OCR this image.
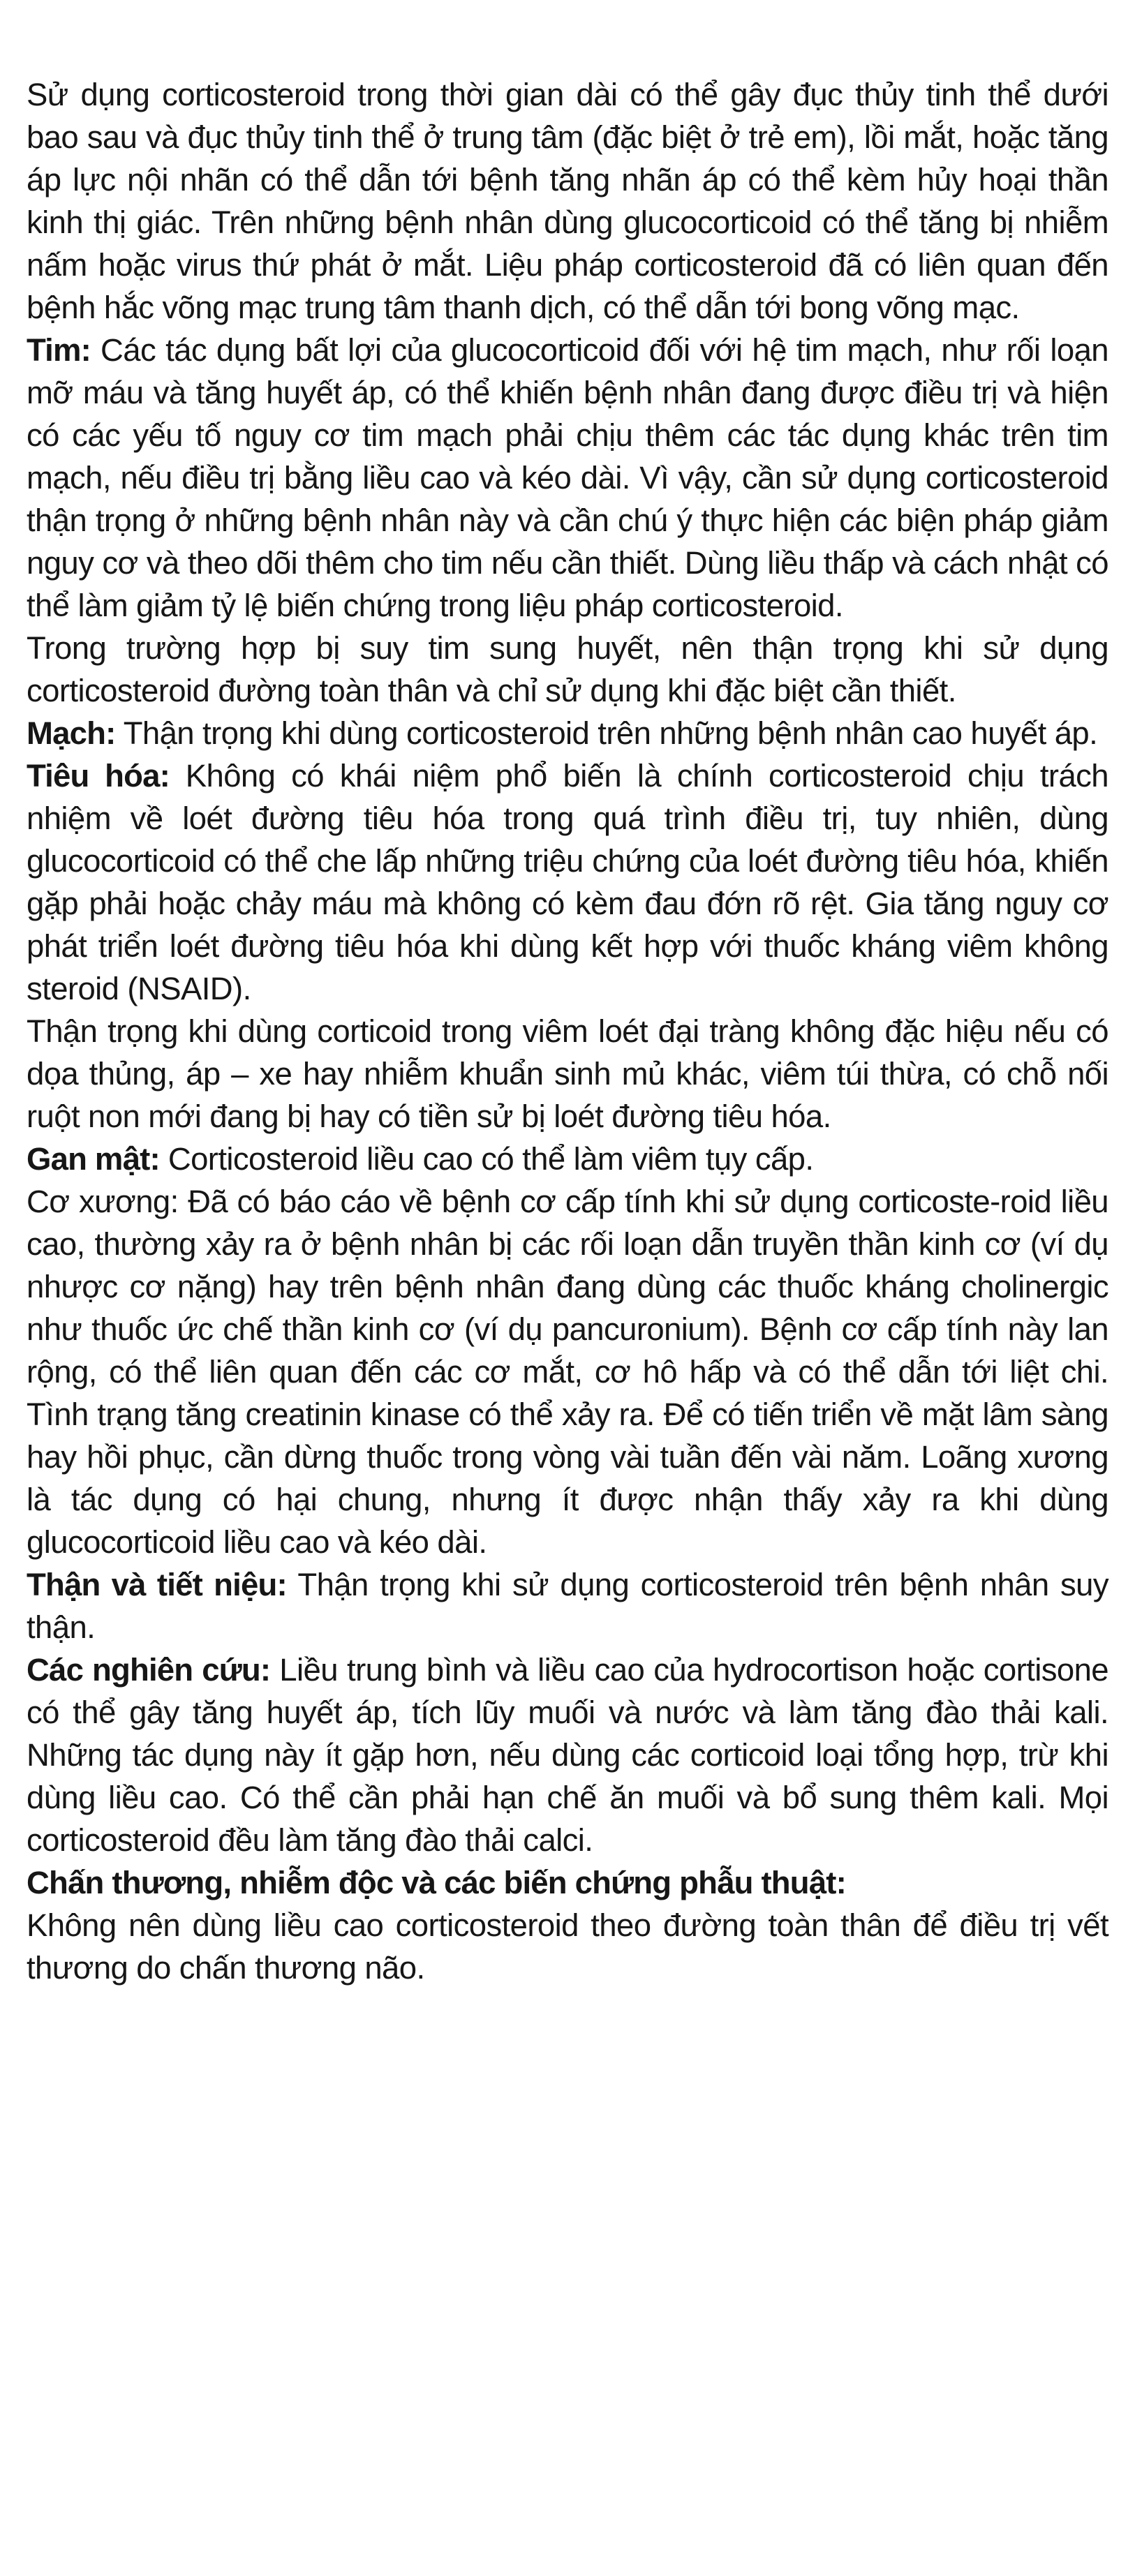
Sử dụng corticosteroid trong thời gian dài có thể gây đục thủy tinh thể dưới bao sau và đục thủy tinh thể ở trung tâm (đặc biệt ở trẻ em), lồi mắt, hoặc tăng áp lực nội nhãn có thể dẫn tới bệnh tăng nhãn áp có thể kèm hủy hoại thần kinh thị giác. Trên những bệnh nhân dùng glucocorticoid có thể tăng bị nhiễm nấm hoặc virus thứ phát ở mắt. Liệu pháp corticosteroid đã có liên quan đến bệnh hắc võng mạc trung tâm thanh dịch, có thể dẫn tới bong võng mạc.

Tim: Các tác dụng bất lợi của glucocorticoid đối với hệ tim mạch, như rối loạn mỡ máu và tăng huyết áp, có thể khiến bệnh nhân đang được điều trị và hiện có các yếu tố nguy cơ tim mạch phải chịu thêm các tác dụng khác trên tim mạch, nếu điều trị bằng liều cao và kéo dài. Vì vậy, cần sử dụng corticosteroid thận trọng ở những bệnh nhân này và cần chú ý thực hiện các biện pháp giảm nguy cơ và theo dõi thêm cho tim nếu cần thiết. Dùng liều thấp và cách nhật có thể làm giảm tỷ lệ biến chứng trong liệu pháp corticosteroid.

Trong trường hợp bị suy tim sung huyết, nên thận trọng khi sử dụng corticosteroid đường toàn thân và chỉ sử dụng khi đặc biệt cần thiết.

Mạch: Thận trọng khi dùng corticosteroid trên những bệnh nhân cao huyết áp.

Tiêu hóa: Không có khái niệm phổ biến là chính corticosteroid chịu trách nhiệm về loét đường tiêu hóa trong quá trình điều trị, tuy nhiên, dùng glucocorticoid có thể che lấp những triệu chứng của loét đường tiêu hóa, khiến gặp phải hoặc chảy máu mà không có kèm đau đớn rõ rệt. Gia tăng nguy cơ phát triển loét đường tiêu hóa khi dùng kết hợp với thuốc kháng viêm không steroid (NSAID).

Thận trọng khi dùng corticoid trong viêm loét đại tràng không đặc hiệu nếu có dọa thủng, áp – xe hay nhiễm khuẩn sinh mủ khác, viêm túi thừa, có chỗ nối ruột non mới đang bị hay có tiền sử bị loét đường tiêu hóa.

Gan mật: Corticosteroid liều cao có thể làm viêm tụy cấp.

Cơ xương: Đã có báo cáo về bệnh cơ cấp tính khi sử dụng corticoste-roid liều cao, thường xảy ra ở bệnh nhân bị các rối loạn dẫn truyền thần kinh cơ (ví dụ nhược cơ nặng) hay trên bệnh nhân đang dùng các thuốc kháng cholinergic như thuốc ức chế thần kinh cơ (ví dụ pancuronium). Bệnh cơ cấp tính này lan rộng, có thể liên quan đến các cơ mắt, cơ hô hấp và có thể dẫn tới liệt chi. Tình trạng tăng creatinin kinase có thể xảy ra. Để có tiến triển về mặt lâm sàng hay hồi phục, cần dừng thuốc trong vòng vài tuần đến vài năm. Loãng xương là tác dụng có hại chung, nhưng ít được nhận thấy xảy ra khi dùng glucocorticoid liều cao và kéo dài.

Thận và tiết niệu: Thận trọng khi sử dụng corticosteroid trên bệnh nhân suy thận.

Các nghiên cứu: Liều trung bình và liều cao của hydrocortison hoặc cortisone có thể gây tăng huyết áp, tích lũy muối và nước và làm tăng đào thải kali. Những tác dụng này ít gặp hơn, nếu dùng các corticoid loại tổng hợp, trừ khi dùng liều cao. Có thể cần phải hạn chế ăn muối và bổ sung thêm kali. Mọi corticosteroid đều làm tăng đào thải calci.

Chấn thương, nhiễm độc và các biến chứng phẫu thuật:

Không nên dùng liều cao corticosteroid theo đường toàn thân để điều trị vết thương do chấn thương não.
